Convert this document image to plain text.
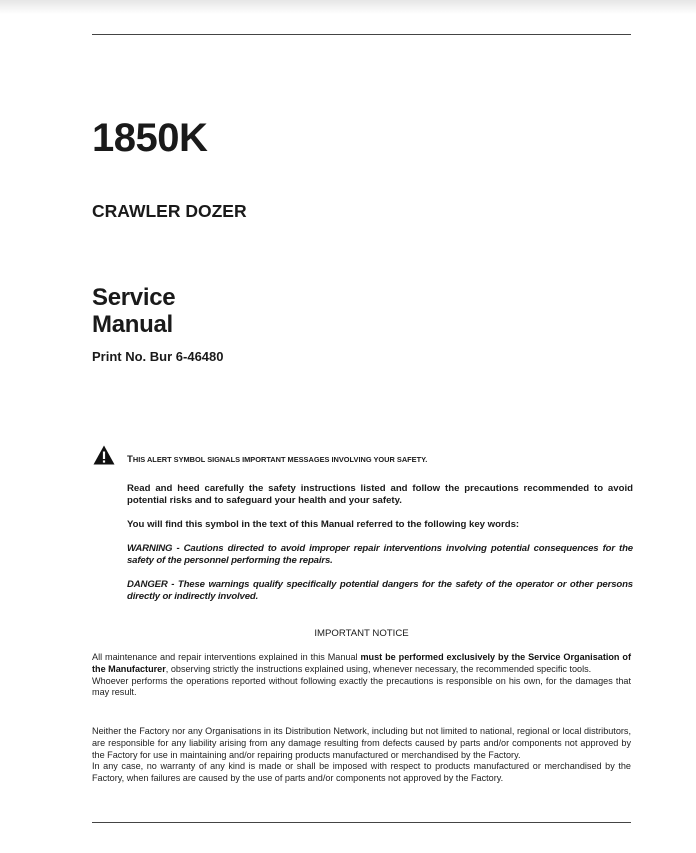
1850K
CRAWLER DOZER
Service
Manual
Print No. Bur 6-46480
THIS ALERT SYMBOL SIGNALS IMPORTANT MESSAGES INVOLVING YOUR SAFETY.

Read and heed carefully the safety instructions listed and follow the precautions recommended to avoid potential risks and to safeguard your health and your safety.

You will find this symbol in the text of this Manual referred to the following key words:

WARNING - Cautions directed to avoid improper repair interventions involving potential consequences for the safety of the personnel performing the repairs.

DANGER - These warnings qualify specifically potential dangers for the safety of the operator or other persons directly or indirectly involved.

IMPORTANT NOTICE

All maintenance and repair interventions explained in this Manual must be performed exclusively by the Service Organisation of the Manufacturer, observing strictly the instructions explained using, whenever necessary, the recommended specific tools.
Whoever performs the operations reported without following exactly the precautions is responsible on his own, for the damages that may result.

Neither the Factory nor any Organisations in its Distribution Network, including but not limited to national, regional or local distributors, are responsible for any liability arising from any damage resulting from defects caused by parts and/or components not approved by the Factory for use in maintaining and/or repairing products manufactured or merchandised by the Factory.
In any case, no warranty of any kind is made or shall be imposed with respect to products manufactured or merchandised by the Factory, when failures are caused by the use of parts and/or components not approved by the Factory.
